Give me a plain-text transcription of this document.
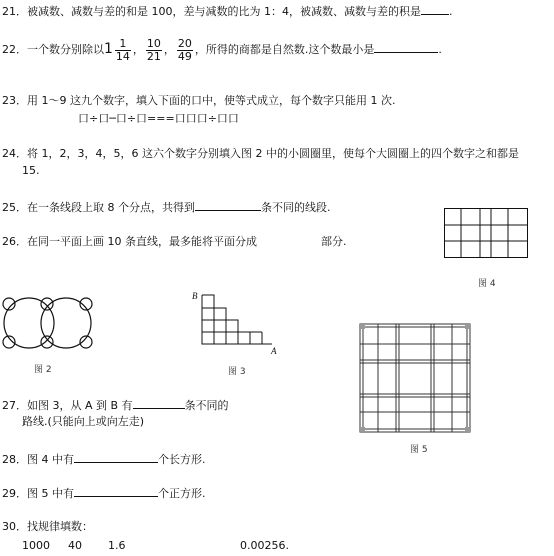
21．被减数、减数与差的和是 100，差与减数的比为 1：4，被减数、减数与差的积是	.
22．一个数分别除以$1 \frac{1}{14}$ ， $\frac{10}{21}$ ， $\frac{20}{49}$ ，所得的商都是自然数.这个数最小是	.
23．用 1～9 这九个数字，填入下面的口中，使等式成立，每个数字只能用 1 次.
口÷口─口÷口===口口口÷口口
24．将 1，2，3，4，5，6 这六个数字分别填入图 2 中的小圆圈里，使每个大圆圈上的四个数字之和都是
15.
25．在一条线段上取 8 个分点，共得到	条不同的线段.
26．在同一平面上画 10 条直线，最多能将平面分成	部分.
图 4
图 2
B
A
图 3
图 5
27．如图 3，从 A 到 B 有	条不同的
路线.(只能向上或向左走)
28．图 4 中有	个长方形.
29．图 5 中有	个正方形.
30．找规律填数：
1000 40 1.6	0.00256.
